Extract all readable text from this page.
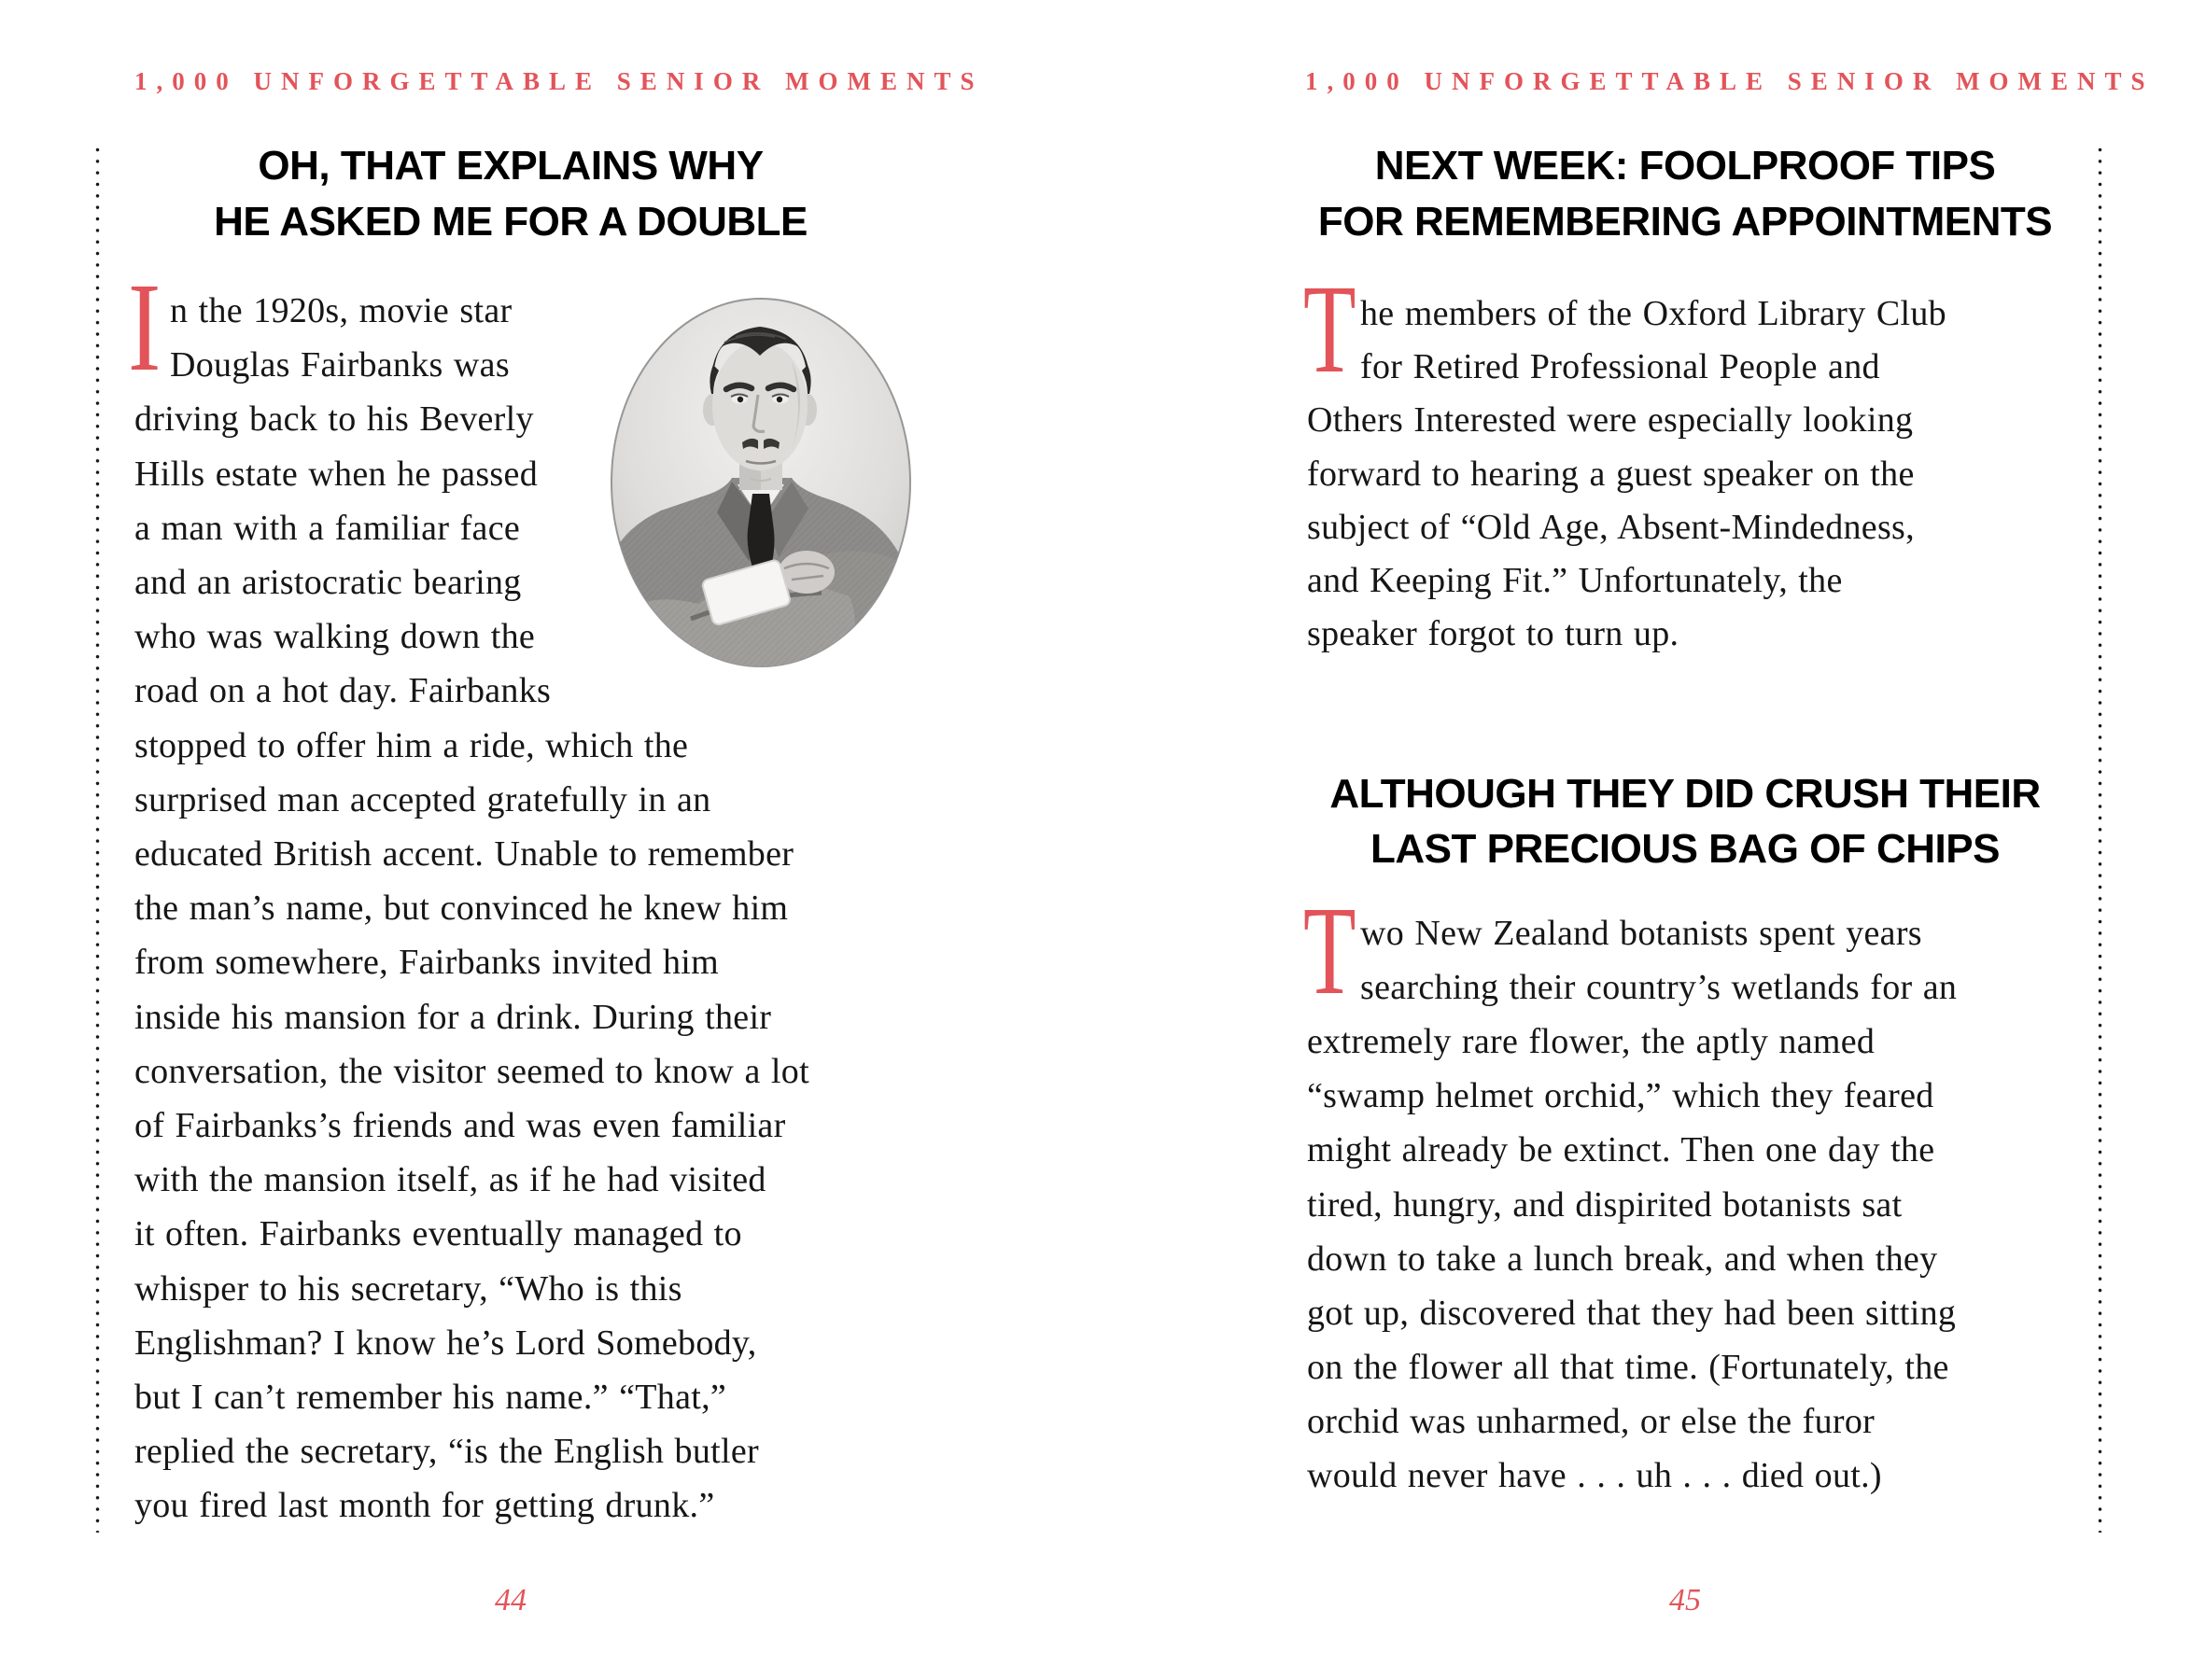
1,000 UNFORGETTABLE SENIOR MOMENTS
OH, THAT EXPLAINS WHY
HE ASKED ME FOR A DOUBLE
I n the 1920s, movie star
Douglas Fairbanks was
driving back to his Beverly
Hills estate when he passed
a man with a familiar face
and an aristocratic bearing
who was walking down the
road on a hot day. Fairbanks
stopped to offer him a ride, which the
surprised man accepted gratefully in an
educated British accent. Unable to remember
the man’s name, but convinced he knew him
from somewhere, Fairbanks invited him
inside his mansion for a drink. During their
conversation, the visitor seemed to know a lot
of Fairbanks’s friends and was even familiar
with the mansion itself, as if he had visited
it often. Fairbanks eventually managed to
whisper to his secretary, “Who is this
Englishman? I know he’s Lord Somebody,
but I can’t remember his name.” “That,”
replied the secretary, “is the English butler
you fired last month for getting drunk.”
44
1,000 UNFORGETTABLE SENIOR MOMENTS
NEXT WEEK: FOOLPROOF TIPS
FOR REMEMBERING APPOINTMENTS
T he members of the Oxford Library Club
for Retired Professional People and
Others Interested were especially looking
forward to hearing a guest speaker on the
subject of “Old Age, Absent-Mindedness,
and Keeping Fit.” Unfortunately, the
speaker forgot to turn up.
ALTHOUGH THEY DID CRUSH THEIR
LAST PRECIOUS BAG OF CHIPS
T wo New Zealand botanists spent years
searching their country’s wetlands for an
extremely rare flower, the aptly named
“swamp helmet orchid,” which they feared
might already be extinct. Then one day the
tired, hungry, and dispirited botanists sat
down to take a lunch break, and when they
got up, discovered that they had been sitting
on the flower all that time. (Fortunately, the
orchid was unharmed, or else the furor
would never have . . . uh . . . died out.)
45
